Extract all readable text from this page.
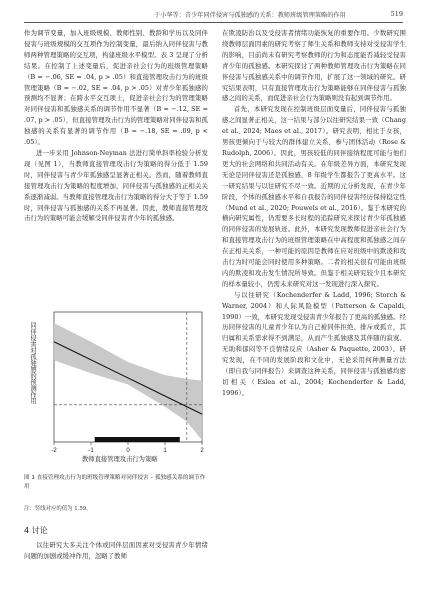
于小华等：青少年同伴侵害与孤独感的关系：教师班级管理策略的作用	519

作为调节变量，加入班级规模、教师性别、教龄和学历以及同伴侵害与班级规模的交互项作为控制变量，最后纳入同伴侵害与教师两种管理策略的交互项，构建班级水平模型。表 3 呈现了分析结果。在控制了上述变量后，促进亲社会行为的班级管理策略（B = −.06, SE = .04, p > .05）和直接管理攻击行为的班级管理策略（B = −.02, SE = .04, p > .05）对青少年孤独感的预测均不显著；在跨水平交互项上，促进亲社会行为的管理策略对同伴侵害和孤独感关系的调节作用不显著（B = −.12, SE = .07, p > .05），但直接管理攻击行为的管理策略对同伴侵害和孤独感的关系有显著的调节作用（B = −.18, SE = .09, p < .05）。

进一步采用 Johnson-Neyman 法进行简单斜率检验分析发现（见图 1），当教师直接管理攻击行为策略的得分低于 1.59 时，同伴侵害与青少年孤独感呈显著正相关。然而，随着教师直接管理攻击行为策略的程度增加，同伴侵害与孤独感的正相关关系逐渐减弱。当教师直接管理攻击行为策略的得分大于等于 1.59 时，同伴侵害与孤独感的关系不再显著。因此，教师直接管理攻击行为的策略可能会缓解受同伴侵害青少年的孤独感。

同伴侵害对孤独感的预测作用
-2	-1	0	1	2
教师直接管理攻击行为策略
图 1 直接管理攻击行为的班级管理策略对同伴侵害 – 孤独感关系的调节作用
注：竖线对应的值为 1.59。
4 讨论

以往研究大多关注个体或同伴层面因素对受侵害青少年情绪问题的加剧或缓冲作用，忽略了教师

在欺凌防治以及受侵害者情绪功能恢复的重要作用。少数研究围绕教师层面因素的研究考察了师生关系和教师支持对受侵害学生的影响，目前尚未有研究考察教师的行为和态度能否减轻受侵害青少年的孤独感。本研究探讨了两种教师管理攻击行为策略在同伴侵害与孤独感关系中的调节作用，扩展了这一领域的研究。研究结果表明，只有直接管理攻击行为策略能够在同伴侵害与孤独感之间的关系，而促进亲社会行为策略则没有起到调节作用。

首先，本研究发现在控制班级层面变量后，同伴侵害与孤独感之间显著正相关，这一结果与部分以往研究结果一致（Chang et al., 2024; Maes et al., 2017）。研究表明，相比于女孩，男孩更倾向于与较大的群体建立关系，参与团体活动（Rose & Rudolph, 2006）。因此，男孩较低的同伴接纳程度可能与他们更大的社会网络和共同活动有关。在年级差异方面，本研究发现无论是同伴侵害还是孤独感，8 年级学生都报告了更高水平。这一研究结果与以往研究不尽一致。近期的元分析发现，在青少年阶段，个体的孤独感水平和自我报告的同伴侵害经历保持稳定性（Mund et al., 2020; Pouwels et al., 2016）。鉴于本研究的横向研究属性，仍需要多长时程的追踪研究来探讨青少年孤独感的同伴侵害的发展轨迹。此外，本研究发现教师促进亲社会行为和直接管理攻击行为的班级管理策略在中高程度和孤独感之间存在正相关关系，一种可能的原因是教师在应对班级中的欺凌和攻击行为时可能会同时使用多种策略。二者的相关很有可能由班级内的欺凌和攻击发生情况所导致。但鉴于相关研究较少且本研究的样本量较小，仍需未来研究对这一发现进行深入探究。

与以往研究（Kochenderfer & Ladd, 1996; Storch & Warner, 2004）和人际风险模型（Patterson & Capaldi, 1990）一致，本研究发现受侵害青少年报告了更高的孤独感。经历同伴侵害的儿童青少年认为自己被同伴拒绝、排斥或孤立，其归属和关系需求得不到满足，从而产生孤独感及其伴随的寂寞、无助和郁闷等不良情绪反应（Asher & Paquette, 2003）。研究发现，在不同的发展阶段和文化中，无论采用何种测量方法（即自我与同伴报告）来调查这种关系，同伴侵害与孤独感均密切相关（Eslea et al., 2004; Kochenderfer & Ladd, 1996）。
